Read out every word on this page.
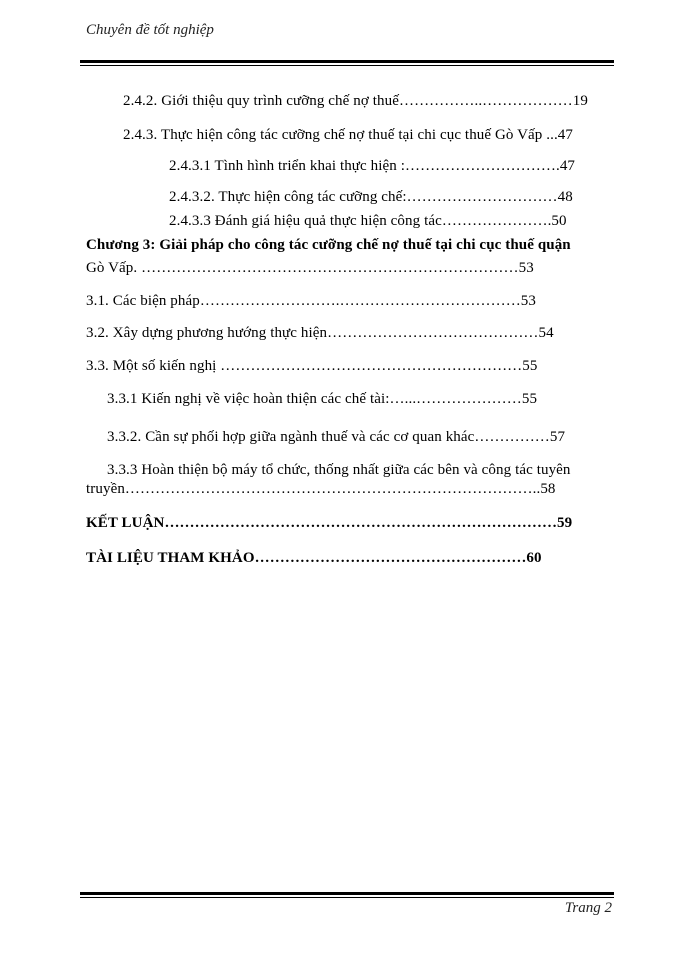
Chuyên đề tốt nghiệp
2.4.2. Giới thiệu quy trình cưỡng chế nợ thuế……………..………………19
2.4.3. Thực hiện công tác cưỡng chế nợ thuế tại chi cục thuế Gò Vấp ...47
2.4.3.1 Tình hình triển khai thực hiện :………………………….47
2.4.3.2. Thực hiện công tác cưỡng chế:…………………………48
2.4.3.3 Đánh giá hiệu quả thực hiện công tác………………….50
Chương 3: Giải pháp cho công tác cưỡng chế nợ thuế tại chi cục thuế quận
Gò Vấp. …………………………………………………………………53
3.1. Các biện pháp……………………….………………………………53
3.2. Xây dựng phương hướng thực hiện……………………………………54
3.3. Một số kiến nghị ……………………………………………………55
3.3.1 Kiến nghị về việc hoàn thiện các chế tài:…...…………………55
3.3.2. Cần sự phối hợp giữa ngành thuế và các cơ quan khác……………57
3.3.3 Hoàn thiện bộ máy tổ chức, thống nhất giữa các bên và công tác tuyên
truyền………………………………………………………………………..58
KẾT LUẬN……………………………………………………………………59
TÀI LIỆU THAM KHẢO………………………………………………60
Trang 2
